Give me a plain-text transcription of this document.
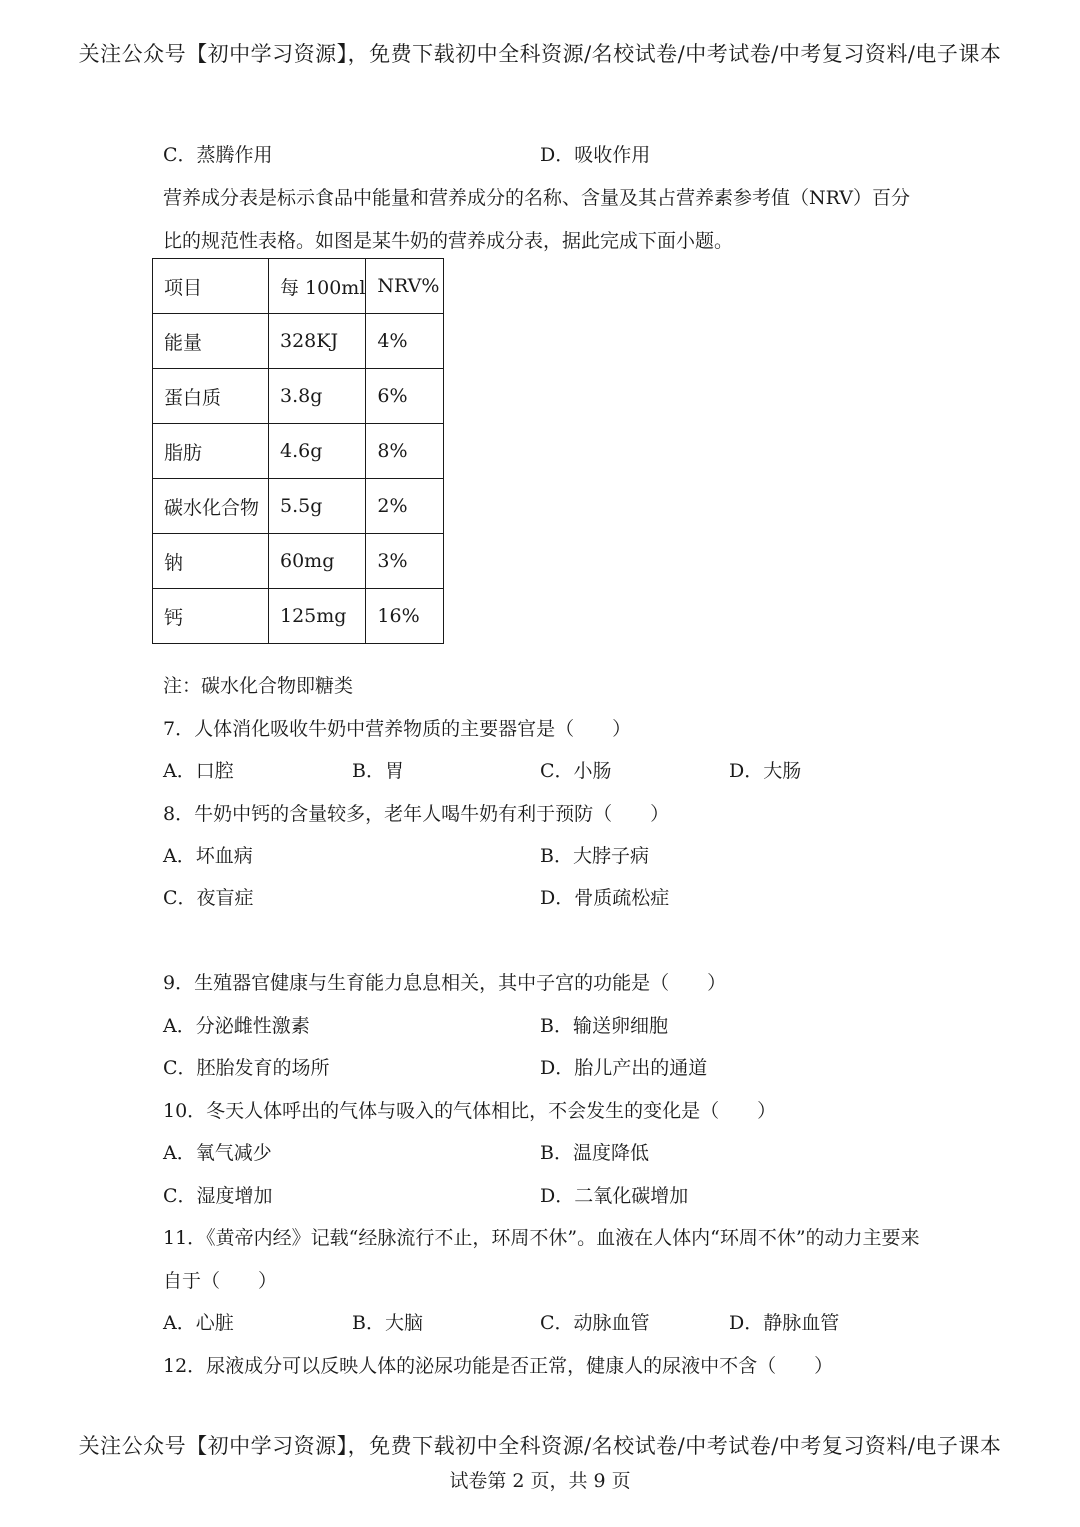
关注公众号【初中学习资源】，免费下载初中全科资源/名校试卷/中考试卷/中考复习资料/电子课本
C．蒸腾作用	D．吸收作用
营养成分表是标示食品中能量和营养成分的名称、含量及其占营养素参考值（NRV）百分
比的规范性表格。如图是某牛奶的营养成分表，据此完成下面小题。
项目	每 100ml	NRV%
能量	328KJ	4%
蛋白质	3.8g	6%
脂肪	4.6g	8%
碳水化合物	5.5g	2%
钠	60mg	3%
钙	125mg	16%
注：碳水化合物即糖类
7．人体消化吸收牛奶中营养物质的主要器官是（　　）
A．口腔	B．胃	C．小肠	D．大肠
8．牛奶中钙的含量较多，老年人喝牛奶有利于预防（　　）
A．坏血病	B．大脖子病
C．夜盲症	D．骨质疏松症
9．生殖器官健康与生育能力息息相关，其中子宫的功能是（　　）
A．分泌雌性激素	B．输送卵细胞
C．胚胎发育的场所	D．胎儿产出的通道
10．冬天人体呼出的气体与吸入的气体相比，不会发生的变化是（　　）
A．氧气减少	B．温度降低
C．湿度增加	D．二氧化碳增加
11．《黄帝内经》记载“经脉流行不止，环周不休”。血液在人体内“环周不休”的动力主要来
自于（　　）
A．心脏	B．大脑	C．动脉血管	D．静脉血管
12．尿液成分可以反映人体的泌尿功能是否正常，健康人的尿液中不含（　　）
关注公众号【初中学习资源】，免费下载初中全科资源/名校试卷/中考试卷/中考复习资料/电子课本
试卷第 2 页，共 9 页
